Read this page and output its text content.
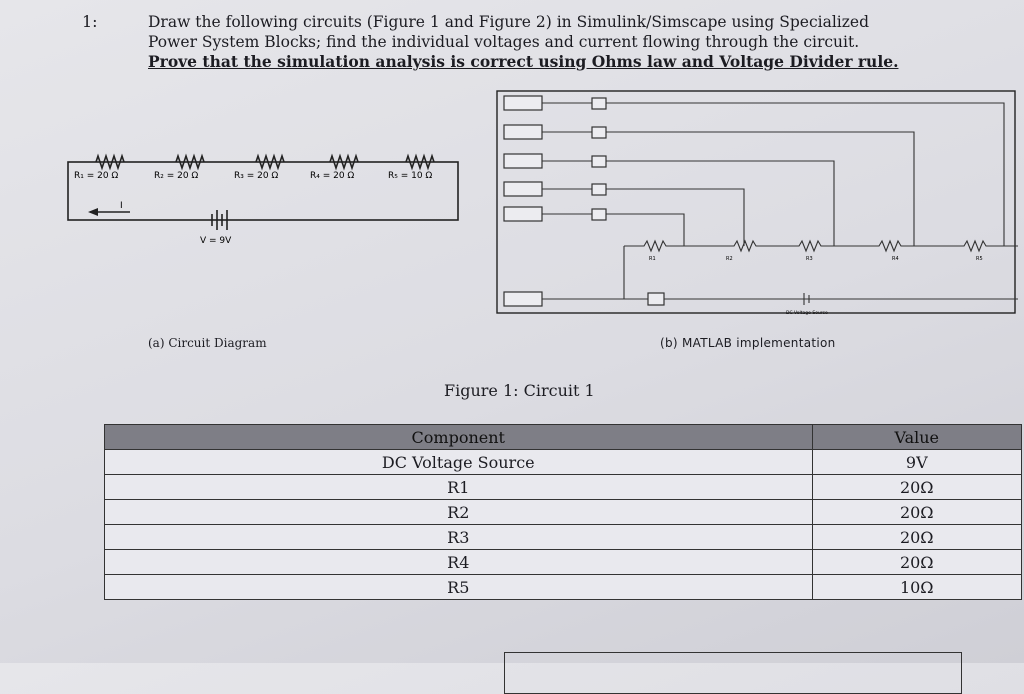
1:	Draw the following circuits (Figure 1 and Figure 2) in Simulink/Simscape using Specialized
Power System Blocks; find the individual voltages and current flowing through the circuit.
Prove that the simulation analysis is correct using Ohms law and Voltage Divider rule.
R₁ = 20 Ω	R₂ = 20 Ω	R₃ = 20 Ω	R₄ = 20 Ω	R₅ = 10 Ω
I
V = 9V
R1	R2	R3	R4	R5
DC Voltage Source
(a) Circuit Diagram	(b) MATLAB implementation
Figure 1: Circuit 1
Component	Value
DC Voltage Source	9V
R1	20Ω
R2	20Ω
R3	20Ω
R4	20Ω
R5	10Ω
